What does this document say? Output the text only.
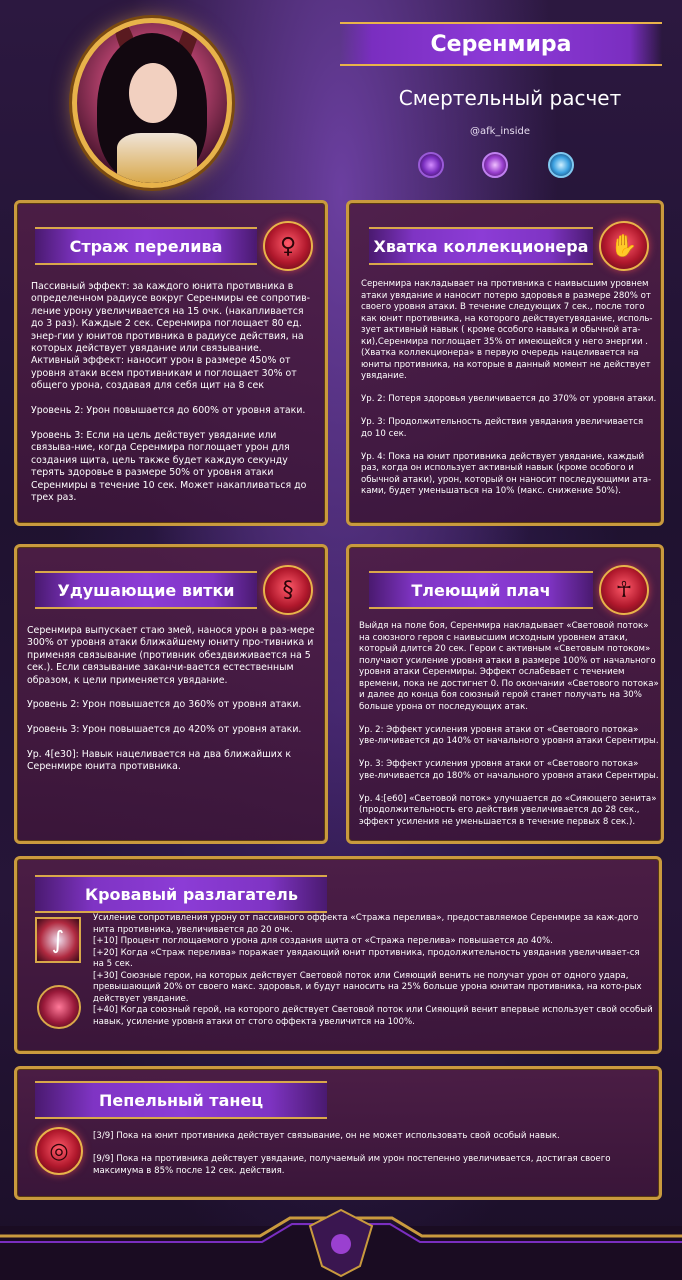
Серенмира
Смертельный расчет
@afk_inside
Страж перелива	♀
Пассивный эффект: за каждого юнита противника в определенном радиусе вокруг Серенмиры ее сопротив-ление урону увеличивается на 15 очк. (накапливается до 3 раз). Каждые 2 сек. Серенмира поглощает 80 ед. энер-гии у юнитов противника в радиусе действия, на которых действует увядание или связывание.
Активный эффект: наносит урон в размере 450% от уровня атаки всем противникам и поглощает 30% от общего урона, создавая для себя щит на 8 сек

Уровень 2: Урон повышается до 600% от уровня атаки.

Уровень 3: Если на цель действует увядание или связыва-ние, когда Серенмира поглощает урон для создания щита, цель также будет каждую секунду терять здоровье в размере 50% от уровня атаки Серенмиры в течение 10 сек. Может накапливаться до трех раз.
Хватка коллекционера ✋
Серенмира накладывает на противника с наивысшим уровнем атаки увядание и наносит потерю здоровья в размере 280% от своего уровня атаки. В течение следующих 7 сек., после того как юнит противника, на которого действуетувядание, исполь-зует активный навык ( кроме особого навыка и обычной ата-ки),Серенмира поглощает 35% от имеющейся у него энергии .
(Хватка коллекционера» в первую очередь нацеливается на юниты противника, на которые в данный момент не действует увядание.

Ур. 2: Потеря здоровья увеличивается до 370% от уровня атаки.

Ур. 3: Продолжительность действия увядания увеличивается до 10 сек.

Ур. 4: Пока на юнит противника действует увядание, каждый раз, когда он использует активный навык (кроме особого и обычной атаки), урон, который он наносит последующими ата-ками, будет уменьшаться на 10% (макс. снижение 50%).
Удушающие витки	§
Серенмира выпускает стаю змей, нанося урон в раз-мере 300% от уровня атаки ближайшему юниту про-тивника и применяя связывание (противник обездвиживается на 5 сек.). Если связывание заканчи-вается естественным образом, к цели применяется увядание.

Уровень 2: Урон повышается до 360% от уровня атаки.

Уровень 3: Урон повышается до 420% от уровня атаки.

Ур. 4[e30]: Навык нацеливается на два ближайших к Серенмире юнита противника.
Тлеющий плач	☥
Выйдя на поле боя, Серенмира накладывает «Световой поток» на союзного героя с наивысшим исходным уровнем атаки, который длится 20 сек. Герои с активным «Световым потоком» получают усиление уровня атаки в размере 100% от начального уровня атаки Серенмиры. Эффект ослабевает с течением времени, пока не достигнет 0. По окончании «Светового потока» и далее до конца боя союзный герой станет получать на 30% больше урона от последующих атак.

Ур. 2: Эффект усиления уровня атаки от «Светового потока» уве-личивается до 140% от начального уровня атаки Серентиры.

Ур. 3: Эффект усиления уровня атаки от «Светового потока» уве-личивается до 180% от начального уровня атаки Серентиры.

Ур. 4:[e60] «Световой поток» улучшается до «Сияющего зенита» (продолжительность его действия увеличивается до 28 сек., эффект усиления не уменьшается в течение первых 8 сек.).
Кровавый разлагатель
∫
Усиление сопротивления урону от пассивного оффекта «Стража перелива», предоставляемое Серенмире за каж-дого нита противника, увеличивается до 20 очк.
[+10] Процент поглощаемого урона для создания щита от «Стража перелива» повышается до 40%.
[+20] Когда «Страж перелива» поражает увядающий юнит противника, продолжительность увядания увеличивает-ся на 5 сек.
[+30] Союзные герои, на которых действует Световой поток или Сияющий венить не получат урон от одного удара, превышающий 20% от своего макс. здоровья, и будут наносить на 25% больше урона юнитам противника, на кото-рых действует увядание.
[+40] Когда союзный герой, на которого действует Световой поток или Сияющий венит впервые использует свой особый навык, усиление уровня атаки от стого оффекта увеличится на 100%.
Пепельный танец
◎
[3/9] Пока на юнит противника действует связывание, он не может использовать свой особый навык.

[9/9] Пока на противника действует увядание, получаемый им урон постепенно увеличивается, достигая своего максимума в 85% после 12 сек. действия.
